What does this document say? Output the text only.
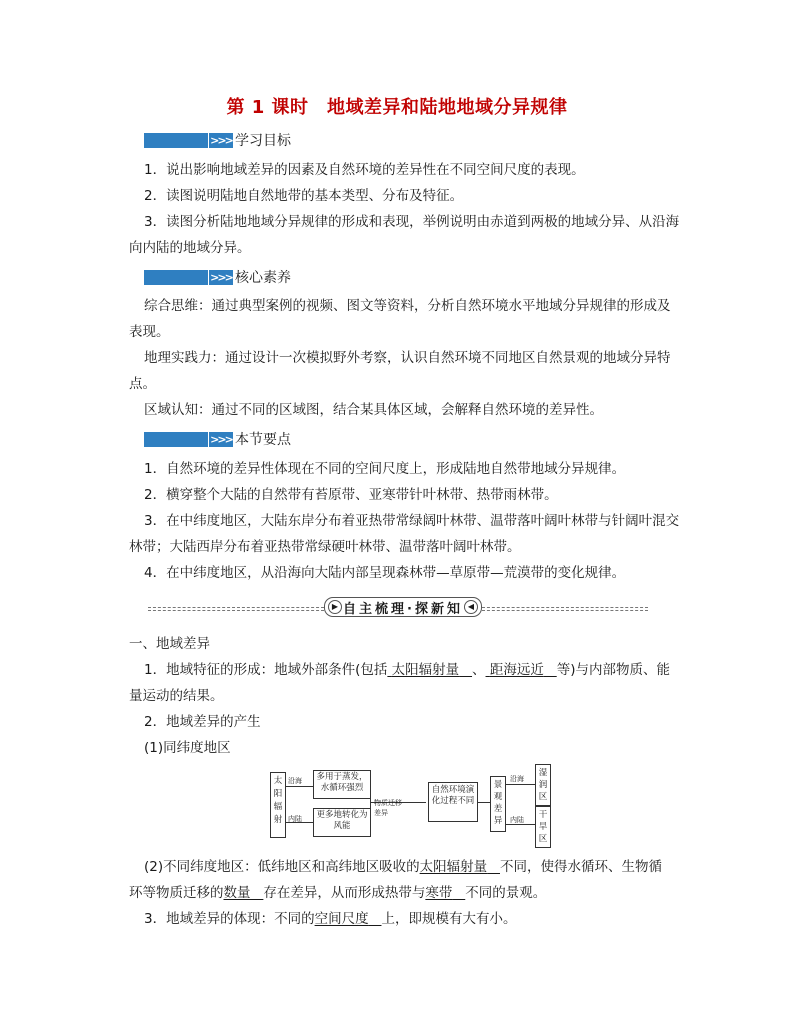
第 1 课时　地域差异和陆地地域分异规律
>>> 学习目标
1．说出影响地域差异的因素及自然环境的差异性在不同空间尺度的表现。
2．读图说明陆地自然地带的基本类型、分布及特征。
3．读图分析陆地地域分异规律的形成和表现，举例说明由赤道到两极的地域分异、从沿海
向内陆的地域分异。
>>> 核心素养
综合思维：通过典型案例的视频、图文等资料，分析自然环境水平地域分异规律的形成及
表现。
地理实践力：通过设计一次模拟野外考察，认识自然环境不同地区自然景观的地域分异特
点。
区域认知：通过不同的区域图，结合某具体区域，会解释自然环境的差异性。
>>> 本节要点
1．自然环境的差异性体现在不同的空间尺度上，形成陆地自然带地域分异规律。
2．横穿整个大陆的自然带有苔原带、亚寒带针叶林带、热带雨林带。
3．在中纬度地区，大陆东岸分布着亚热带常绿阔叶林带、温带落叶阔叶林带与针阔叶混交
林带；大陆西岸分布着亚热带常绿硬叶林带、温带落叶阔叶林带。
4．在中纬度地区，从沿海向大陆内部呈现森林带—草原带—荒漠带的变化规律。
自主梳理·探新知
▶	◀
一、地域差异
1．地域特征的形成：地域外部条件(包括 太阳辐射量 、 距海远近 等)与内部物质、能
量运动的结果。
2．地域差异的产生
(1)同纬度地区
太阳辐射
沿海
内陆
多用于蒸发，水循环强烈
更多地转化为风能
物质迁移差异
自然环境演化过程不同
景观差异
沿海
内陆
湿润区
干旱区
(2)不同纬度地区：低纬地区和高纬地区吸收的太阳辐射量 不同，使得水循环、生物循
环等物质迁移的数量 存在差异，从而形成热带与寒带 不同的景观。
3．地域差异的体现：不同的空间尺度 上，即规模有大有小。
